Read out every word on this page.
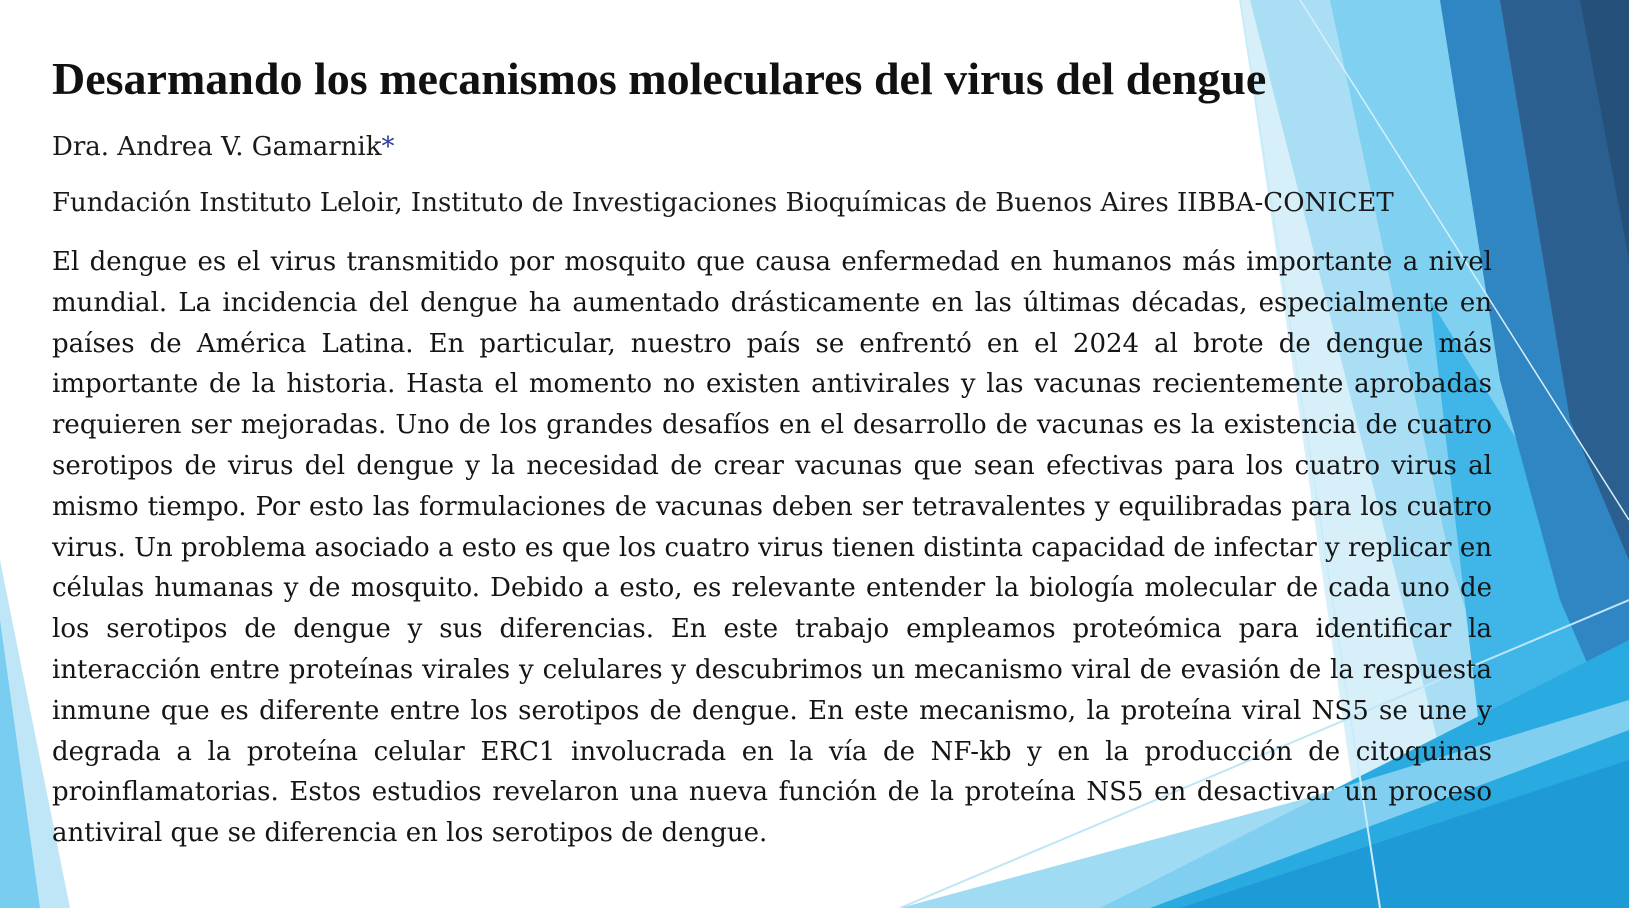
Desarmando los mecanismos moleculares del virus del dengue

Dra. Andrea V. Gamarnik*

Fundación Instituto Leloir, Instituto de Investigaciones Bioquímicas de Buenos Aires IIBBA-CONICET

El dengue es el virus transmitido por mosquito que causa enfermedad en humanos más importante a nivel mundial. La incidencia del dengue ha aumentado drásticamente en las últimas décadas, especialmente en países de América Latina. En particular, nuestro país se enfrentó en el 2024 al brote de dengue más importante de la historia. Hasta el momento no existen antivirales y las vacunas recientemente aprobadas requieren ser mejoradas. Uno de los grandes desafíos en el desarrollo de vacunas es la existencia de cuatro serotipos de virus del dengue y la necesidad de crear vacunas que sean efectivas para los cuatro virus al mismo tiempo. Por esto las formulaciones de vacunas deben ser tetravalentes y equilibradas para los cuatro virus. Un problema asociado a esto es que los cuatro virus tienen distinta capacidad de infectar y replicar en células humanas y de mosquito. Debido a esto, es relevante entender la biología molecular de cada uno de los serotipos de dengue y sus diferencias. En este trabajo empleamos proteómica para identificar la interacción entre proteínas virales y celulares y descubrimos un mecanismo viral de evasión de la respuesta inmune que es diferente entre los serotipos de dengue. En este mecanismo, la proteína viral NS5 se une y degrada a la proteína celular ERC1 involucrada en la vía de NF-kb y en la producción de citoquinas proinflamatorias. Estos estudios revelaron una nueva función de la proteína NS5 en desactivar un proceso antiviral que se diferencia en los serotipos de dengue.
